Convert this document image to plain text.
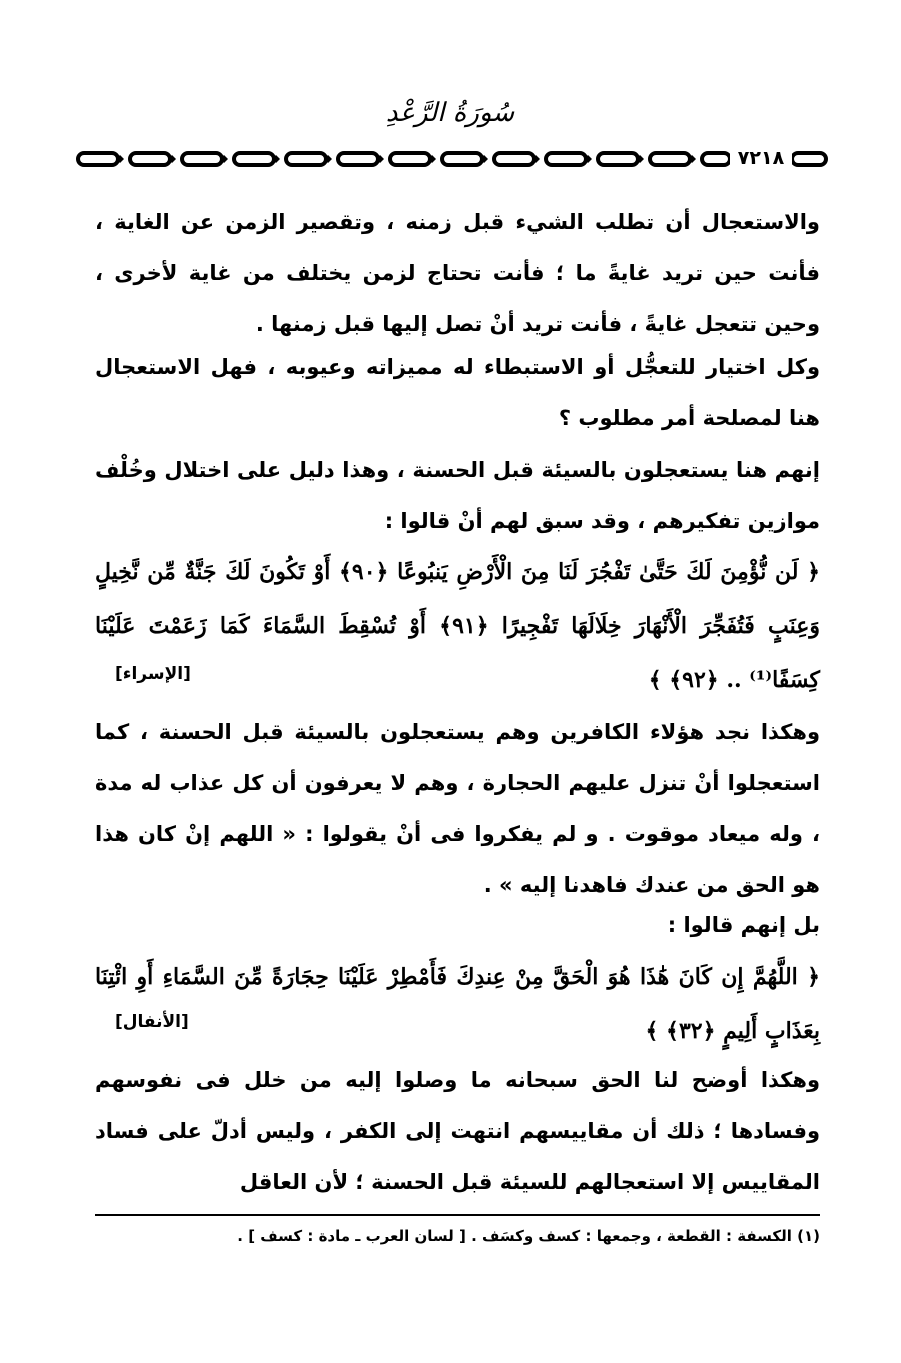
سُورَةُ الرَّعْدِ
٧٢١٨
والاستعجال أن تطلب الشيء قبل زمنه ، وتقصير الزمن عن الغاية ، فأنت حين تريد غايةً ما ؛ فأنت تحتاج لزمن يختلف من غاية لأخرى ، وحين تتعجل غايةً ، فأنت تريد أنْ تصل إليها قبل زمنها .
وكل اختيار للتعجُّل أو الاستبطاء له مميزاته وعيوبه ، فهل الاستعجال هنا لمصلحة أمر مطلوب ؟
إنهم هنا يستعجلون بالسيئة قبل الحسنة ، وهذا دليل على اختلال وخُلْف موازين تفكيرهم ، وقد سبق لهم أنْ قالوا :
﴿ لَن نُّؤْمِنَ لَكَ حَتَّىٰ تَفْجُرَ لَنَا مِنَ الْأَرْضِ يَنبُوعًا ﴿٩٠﴾ أَوْ تَكُونَ لَكَ جَنَّةٌ مِّن نَّخِيلٍ وَعِنَبٍ فَتُفَجِّرَ الْأَنْهَارَ خِلَالَهَا تَفْجِيرًا ﴿٩١﴾ أَوْ تُسْقِطَ السَّمَاءَ كَمَا زَعَمْتَ عَلَيْنَا كِسَفًا⁽¹⁾ .. ﴿٩٢﴾ ﴾
[الإسراء]
وهكذا نجد هؤلاء الكافرين وهم يستعجلون بالسيئة قبل الحسنة ، كما استعجلوا أنْ تنزل عليهم الحجارة ، وهم لا يعرفون أن كل عذاب له مدة ، وله ميعاد موقوت . و لم يفكروا فى أنْ يقولوا : « اللهم إنْ كان هذا هو الحق من عندك فاهدنا إليه » .
بل إنهم قالوا :
﴿ اللَّهُمَّ إِن كَانَ هَٰذَا هُوَ الْحَقَّ مِنْ عِندِكَ فَأَمْطِرْ عَلَيْنَا حِجَارَةً مِّنَ السَّمَاءِ أَوِ ائْتِنَا بِعَذَابٍ أَلِيمٍ ﴿٣٢﴾ ﴾
[الأنفال]
وهكذا أوضح لنا الحق سبحانه ما وصلوا إليه من خلل فى نفوسهم وفسادها ؛ ذلك أن مقاييسهم انتهت إلى الكفر ، وليس أدلّ على فساد المقاييس إلا استعجالهم للسيئة قبل الحسنة ؛ لأن العاقل
(١) الكسفة : القطعة ، وجمعها : كسف وكسَف . [ لسان العرب ـ مادة : كسف ] .
